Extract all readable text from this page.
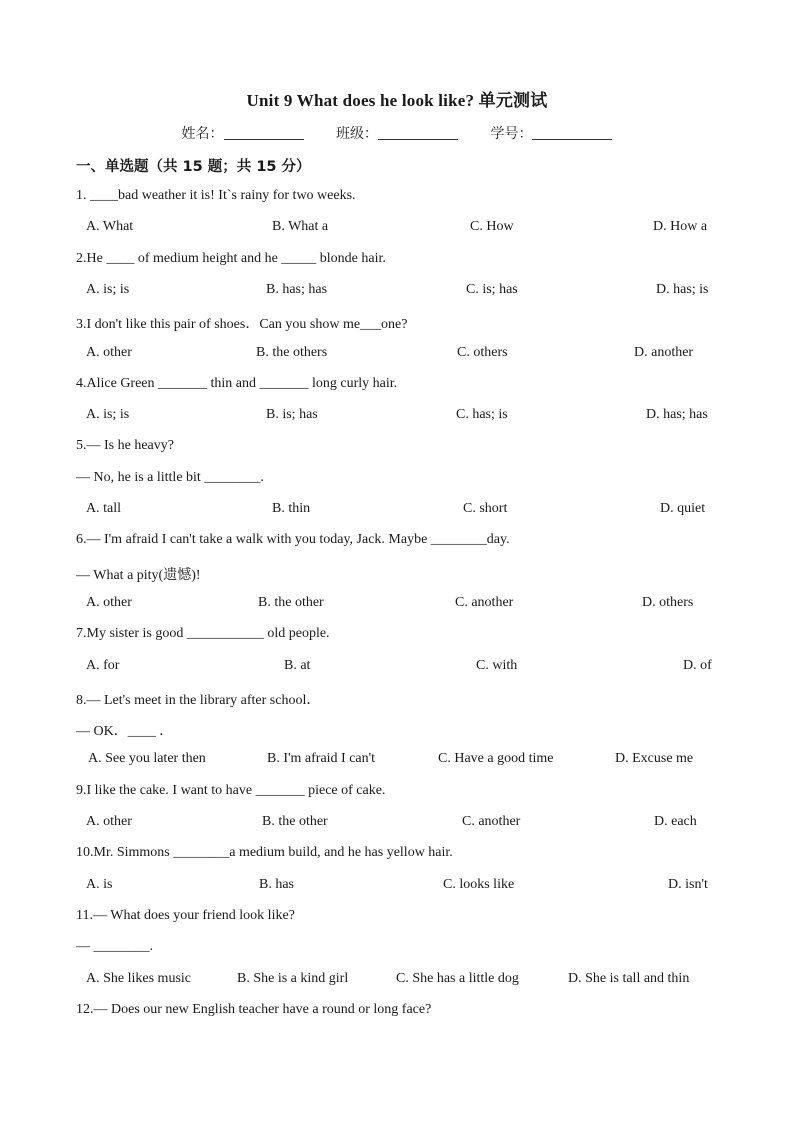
Unit 9 What does he look like? 单元测试
姓名：	班级：	学号：
一、单选题（共 15 题；共 15 分）
1. ____bad weather it is! It`s rainy for two weeks.
A. What	B. What a	C. How	D. How a
2.He ____ of medium height and he _____ blonde hair.
A. is; is	B. has; has	C. is; has	D. has; is
3.I don't like this pair of shoes．Can you show me___one?
A. other	B. the others	C. others	D. another
4.Alice Green _______ thin and _______ long curly hair.
A. is; is	B. is; has	C. has; is	D. has; has
5.— Is he heavy?
— No, he is a little bit ________.
A. tall	B. thin	C. short	D. quiet
6.— I'm afraid I can't take a walk with you today, Jack. Maybe ________day.
— What a pity(遗憾)!
A. other	B. the other	C. another	D. others
7.My sister is good ___________ old people.
A. for	B. at	C. with	D. of
8.— Let's meet in the library after school．
— OK．____ ．
A. See you later then	B. I'm afraid I can't	C. Have a good time	D. Excuse me
9.I like the cake. I want to have _______ piece of cake.
A. other	B. the other	C. another	D. each
10.Mr. Simmons ________a medium build, and he has yellow hair.
A. is	B. has	C. looks like	D. isn't
11.— What does your friend look like?
— ________.
A. She likes music	B. She is a kind girl	C. She has a little dog	D. She is tall and thin
12.— Does our new English teacher have a round or long face?
